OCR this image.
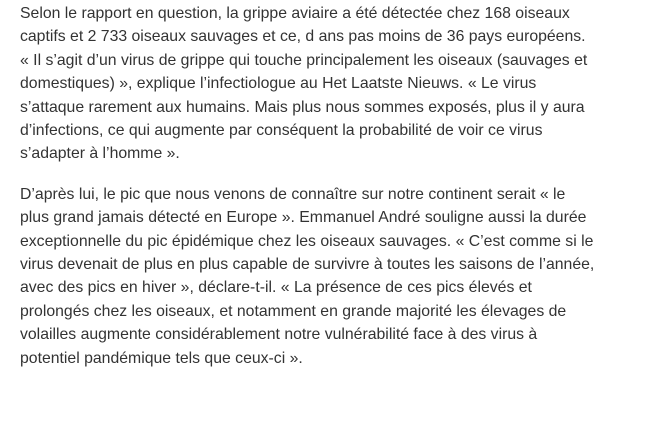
Selon le rapport en question, la grippe aviaire a été détectée chez 168 oiseaux
captifs et 2 733 oiseaux sauvages et ce, d ans pas moins de 36 pays européens.
« Il s’agit d’un virus de grippe qui touche principalement les oiseaux (sauvages et
domestiques) », explique l’infectiologue au Het Laatste Nieuws. « Le virus
s’attaque rarement aux humains. Mais plus nous sommes exposés, plus il y aura
d’infections, ce qui augmente par conséquent la probabilité de voir ce virus
s’adapter à l’homme ».

D’après lui, le pic que nous venons de connaître sur notre continent serait « le
plus grand jamais détecté en Europe ». Emmanuel André souligne aussi la durée
exceptionnelle du pic épidémique chez les oiseaux sauvages. « C’est comme si le
virus devenait de plus en plus capable de survivre à toutes les saisons de l’année,
avec des pics en hiver », déclare-t-il. « La présence de ces pics élevés et
prolongés chez les oiseaux, et notamment en grande majorité les élevages de
volailles augmente considérablement notre vulnérabilité face à des virus à
potentiel pandémique tels que ceux-ci ».
